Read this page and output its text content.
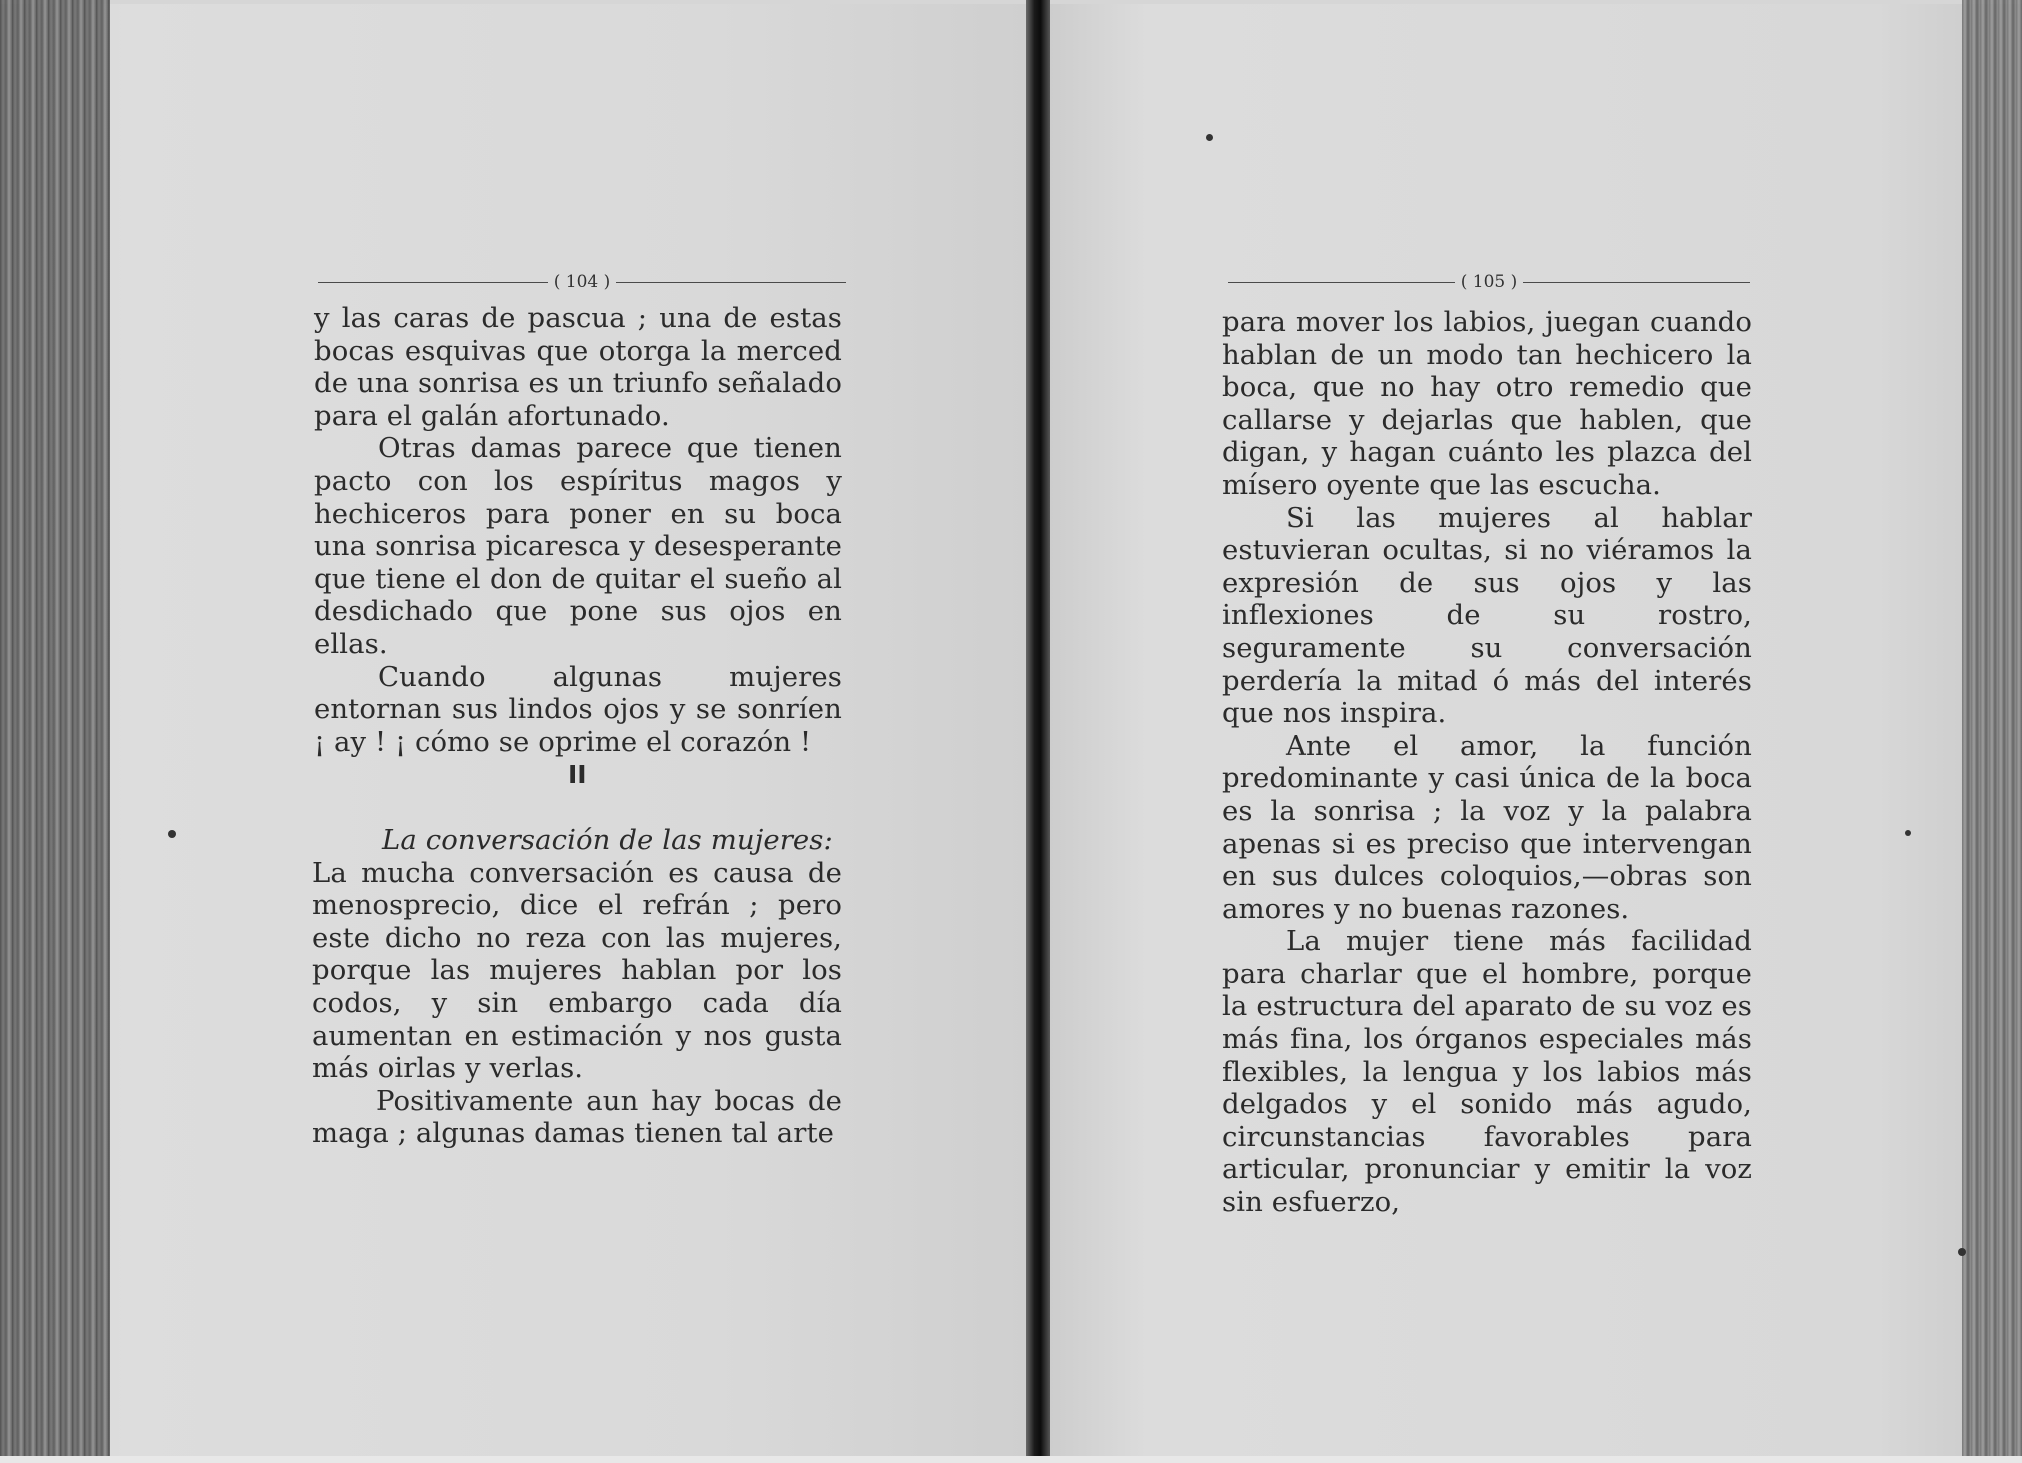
( 104 )

y las caras de pascua ; una de estas bocas esquivas que otorga la merced de una sonrisa es un triunfo señalado para el galán afortunado.

Otras damas parece que tienen pacto con los espíritus magos y hechiceros para poner en su boca una sonrisa picaresca y desesperante que tiene el don de quitar el sueño al desdichado que pone sus ojos en ellas.

Cuando algunas mujeres entornan sus lindos ojos y se sonríen ¡ ay ! ¡ cómo se oprime el corazón !

II

La conversación de las mujeres:

La mucha conversación es causa de menosprecio, dice el refrán ; pero este dicho no reza con las mujeres, porque las mujeres hablan por los codos, y sin embargo cada día aumentan en estimación y nos gusta más oirlas y verlas.

Positivamente aun hay bocas de maga ; algunas damas tienen tal arte

( 105 )

para mover los labios, juegan cuando hablan de un modo tan hechicero la boca, que no hay otro remedio que callarse y dejarlas que hablen, que digan, y hagan cuánto les plazca del mísero oyente que las escucha.

Si las mujeres al hablar estuvieran ocultas, si no viéramos la expresión de sus ojos y las inflexiones de su rostro, seguramente su conversación perdería la mitad ó más del interés que nos inspira.

Ante el amor, la función predominante y casi única de la boca es la sonrisa ; la voz y la palabra apenas si es preciso que intervengan en sus dulces coloquios,—obras son amores y no buenas razones.

La mujer tiene más facilidad para charlar que el hombre, porque la estructura del aparato de su voz es más fina, los órganos especiales más flexibles, la lengua y los labios más delgados y el sonido más agudo, circunstancias favorables para articular, pronunciar y emitir la voz sin esfuerzo,
